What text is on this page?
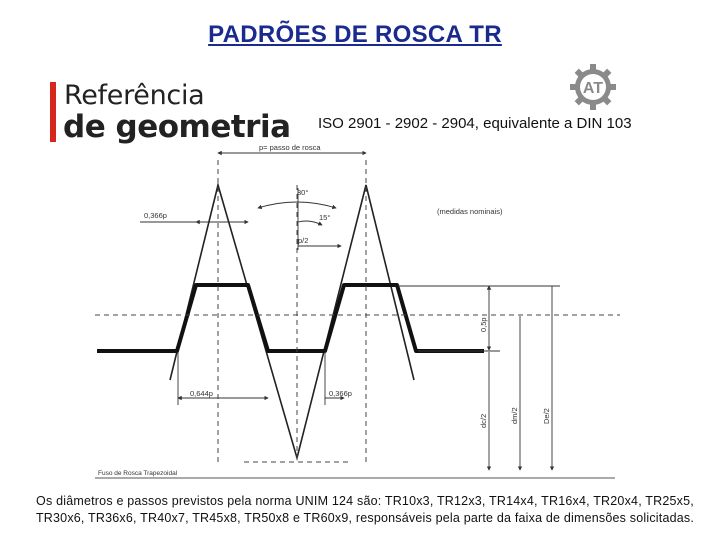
PADRÕES DE ROSCA TR
Referência
de geometria
AT
ISO 2901 - 2902 - 2904, equivalente a DIN 103
p= passo de rosca
30°
15°
p/2
0,366p
0,644p	0,366p
(medidas nominais)
0,5p
dc/2	dm/2	De/2
Fuso de Rosca Trapezoidal
Os diâmetros e passos previstos pela norma UNIM 124 são: TR10x3, TR12x3, TR14x4, TR16x4, TR20x4, TR25x5, TR30x6, TR36x6, TR40x7, TR45x8, TR50x8 e TR60x9, responsáveis pela parte da faixa de dimensões solicitadas.
